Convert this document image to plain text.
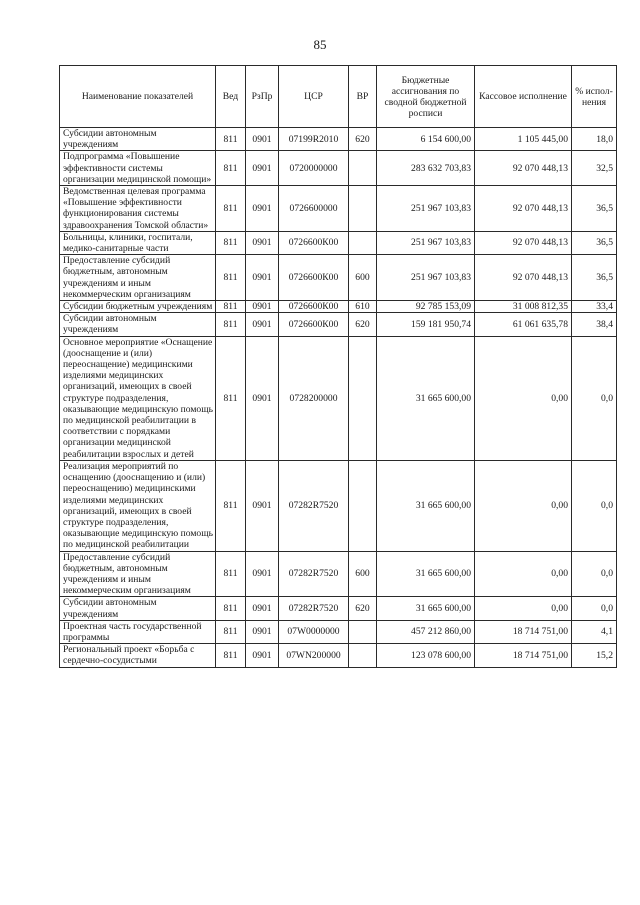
85
Наименование показателей	Вед	РзПр	ЦСР	ВР	Бюджетные ассигнования по сводной бюджетной росписи	Кассовое исполнение	% испол-нения
Субсидии автономным учреждениям	811	0901	07199R2010	620	6 154 600,00	1 105 445,00	18,0
Подпрограмма «Повышение эффективности системы организации медицинской помощи»	811	0901	0720000000		283 632 703,83	92 070 448,13	32,5
Ведомственная целевая программа «Повышение эффективности функционирования системы здравоохранения Томской области»	811	0901	0726600000		251 967 103,83	92 070 448,13	36,5
Больницы, клиники, госпитали, медико-санитарные части	811	0901	0726600К00		251 967 103,83	92 070 448,13	36,5
Предоставление субсидий бюджетным, автономным учреждениям и иным некоммерческим организациям	811	0901	0726600К00	600	251 967 103,83	92 070 448,13	36,5
Субсидии бюджетным учреждениям	811	0901	0726600К00	610	92 785 153,09	31 008 812,35	33,4
Субсидии автономным учреждениям	811	0901	0726600К00	620	159 181 950,74	61 061 635,78	38,4
Основное мероприятие «Оснащение (дооснащение и (или) переоснащение) медицинскими изделиями медицинских организаций, имеющих в своей структуре подразделения, оказывающие медицинскую помощь по медицинской реабилитации в соответствии с порядками организации медицинской реабилитации взрослых и детей	811	0901	0728200000		31 665 600,00	0,00	0,0
Реализация мероприятий по оснащению (дооснащению и (или) переоснащению) медицинскими изделиями медицинских организаций, имеющих в своей структуре подразделения, оказывающие медицинскую помощь по медицинской реабилитации	811	0901	07282R7520		31 665 600,00	0,00	0,0
Предоставление субсидий бюджетным, автономным учреждениям и иным некоммерческим организациям	811	0901	07282R7520	600	31 665 600,00	0,00	0,0
Субсидии автономным учреждениям	811	0901	07282R7520	620	31 665 600,00	0,00	0,0
Проектная часть государственной программы	811	0901	07W0000000		457 212 860,00	18 714 751,00	4,1
Региональный проект «Борьба с сердечно-сосудистыми	811	0901	07WN200000		123 078 600,00	18 714 751,00	15,2
